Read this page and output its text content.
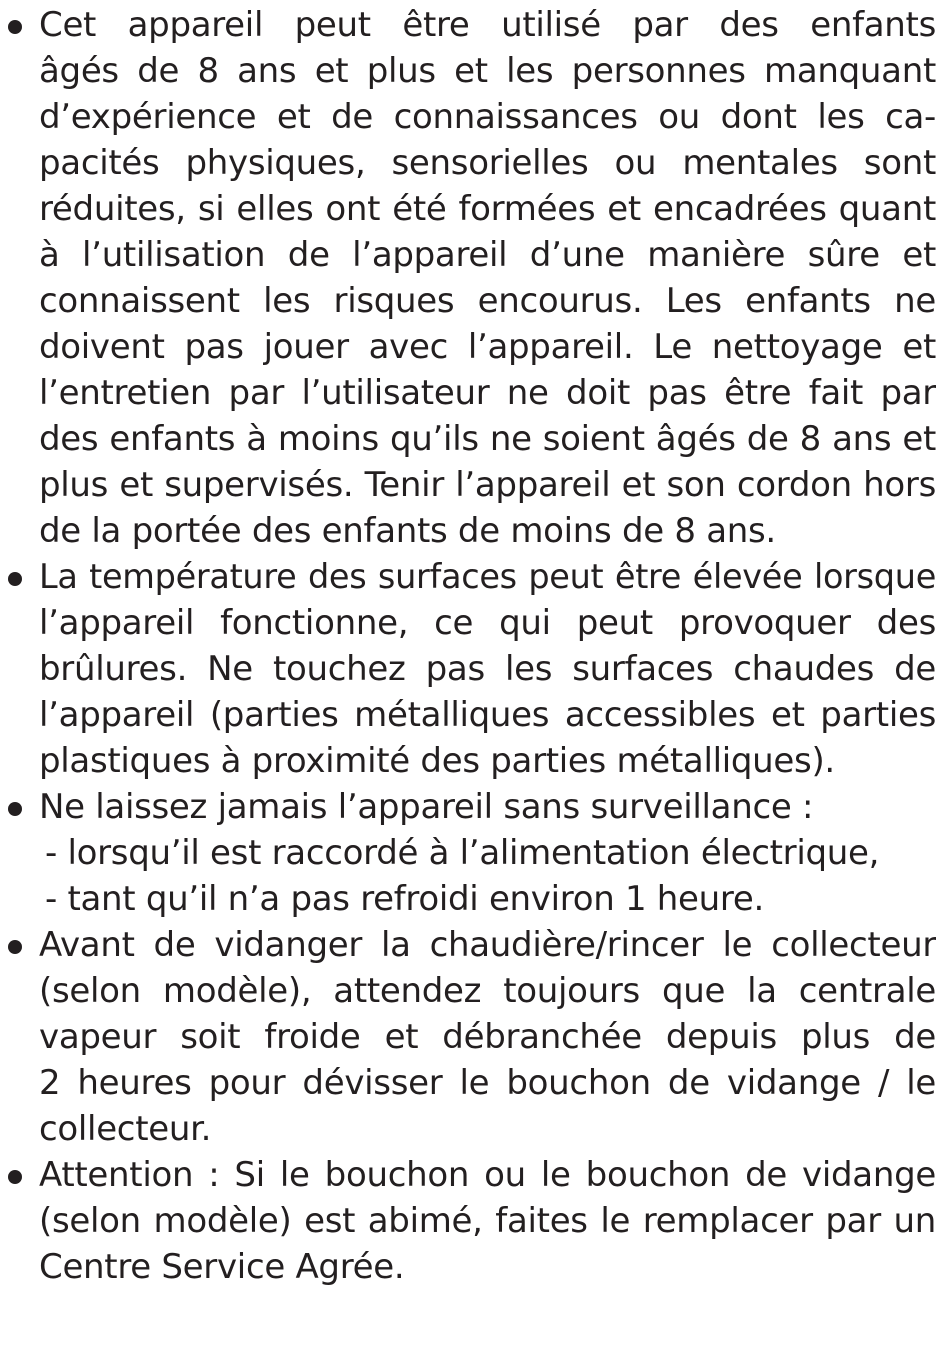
Cet appareil peut être utilisé par des enfants
âgés de 8 ans et plus et les personnes manquant
d’expérience et de connaissances ou dont les ca-
pacités physiques, sensorielles ou mentales sont
réduites, si elles ont été formées et encadrées quant
à l’utilisation de l’appareil d’une manière sûre et
connaissent les risques encourus. Les enfants ne
doivent pas jouer avec l’appareil. Le nettoyage et
l’entretien par l’utilisateur ne doit pas être fait par
des enfants à moins qu’ils ne soient âgés de 8 ans et
plus et supervisés. Tenir l’appareil et son cordon hors
de la portée des enfants de moins de 8 ans.
La température des surfaces peut être élevée lorsque
l’appareil fonctionne, ce qui peut provoquer des
brûlures. Ne touchez pas les surfaces chaudes de
l’appareil (parties métalliques accessibles et parties
plastiques à proximité des parties métalliques).
Ne laissez jamais l’appareil sans surveillance :
- lorsqu’il est raccordé à l’alimentation électrique,
- tant qu’il n’a pas refroidi environ 1 heure.
Avant de vidanger la chaudière/rincer le collecteur
(selon modèle), attendez toujours que la centrale
vapeur soit froide et débranchée depuis plus de
2 heures pour dévisser le bouchon de vidange / le
collecteur.
Attention : Si le bouchon ou le bouchon de vidange
(selon modèle) est abimé, faites le remplacer par un
Centre Service Agrée.
